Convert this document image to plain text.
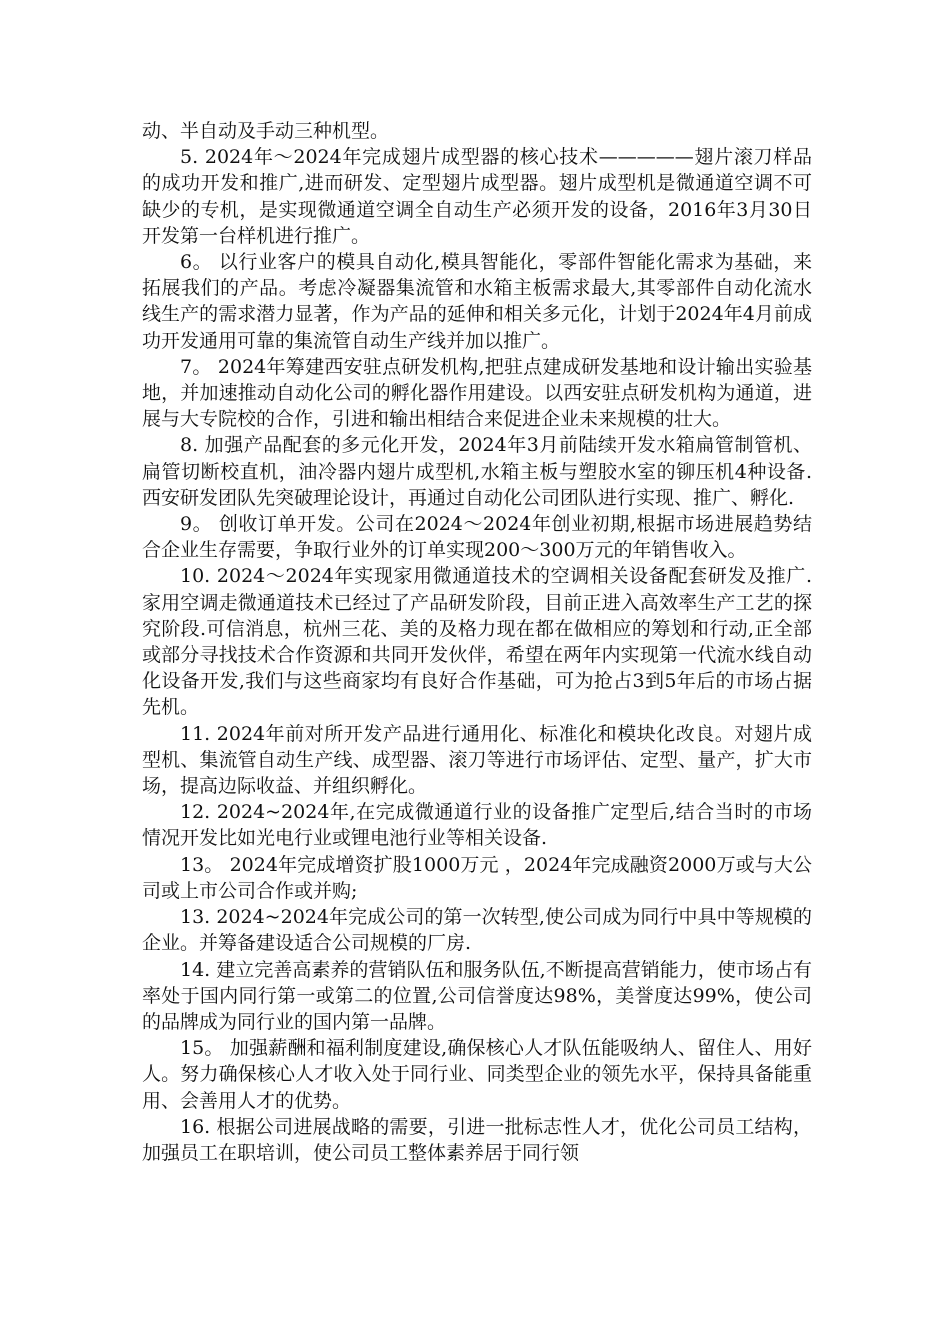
动、半自动及手动三种机型。

5. 2024年～2024年完成翅片成型器的核心技术—————翅片滚刀样品的成功开发和推广,进而研发、定型翅片成型器。翅片成型机是微通道空调不可缺少的专机，是实现微通道空调全自动生产必须开发的设备，2016年3月30日开发第一台样机进行推广。

6。 以行业客户的模具自动化,模具智能化，零部件智能化需求为基础，来拓展我们的产品。考虑冷凝器集流管和水箱主板需求最大,其零部件自动化流水线生产的需求潜力显著，作为产品的延伸和相关多元化，计划于2024年4月前成功开发通用可靠的集流管自动生产线并加以推广。

7。 2024年筹建西安驻点研发机构,把驻点建成研发基地和设计输出实验基地，并加速推动自动化公司的孵化器作用建设。以西安驻点研发机构为通道，进展与大专院校的合作，引进和输出相结合来促进企业未来规模的壮大。

8. 加强产品配套的多元化开发，2024年3月前陆续开发水箱扁管制管机、扁管切断校直机，油冷器内翅片成型机,水箱主板与塑胶水室的铆压机4种设备.西安研发团队先突破理论设计，再通过自动化公司团队进行实现、推广、孵化.

9。 创收订单开发。公司在2024～2024年创业初期,根据市场进展趋势结合企业生存需要，争取行业外的订单实现200～300万元的年销售收入。

10. 2024～2024年实现家用微通道技术的空调相关设备配套研发及推广.家用空调走微通道技术已经过了产品研发阶段，目前正进入高效率生产工艺的探究阶段.可信消息，杭州三花、美的及格力现在都在做相应的筹划和行动,正全部或部分寻找技术合作资源和共同开发伙伴，希望在两年内实现第一代流水线自动化设备开发,我们与这些商家均有良好合作基础，可为抢占3到5年后的市场占据先机。

11. 2024年前对所开发产品进行通用化、标准化和模块化改良。对翅片成型机、集流管自动生产线、成型器、滚刀等进行市场评估、定型、量产，扩大市场，提高边际收益、并组织孵化。

12. 2024~2024年,在完成微通道行业的设备推广定型后,结合当时的市场情况开发比如光电行业或锂电池行业等相关设备.

13。 2024年完成增资扩股1000万元 ，2024年完成融资2000万或与大公司或上市公司合作或并购;

13. 2024~2024年完成公司的第一次转型,使公司成为同行中具中等规模的企业。并筹备建设适合公司规模的厂房.

14. 建立完善高素养的营销队伍和服务队伍,不断提高营销能力，使市场占有率处于国内同行第一或第二的位置,公司信誉度达98%，美誉度达99%，使公司的品牌成为同行业的国内第一品牌。

15。 加强薪酬和福利制度建设,确保核心人才队伍能吸纳人、留住人、用好人。努力确保核心人才收入处于同行业、同类型企业的领先水平，保持具备能重用、会善用人才的优势。

16. 根据公司进展战略的需要，引进一批标志性人才，优化公司员工结构，加强员工在职培训，使公司员工整体素养居于同行领
